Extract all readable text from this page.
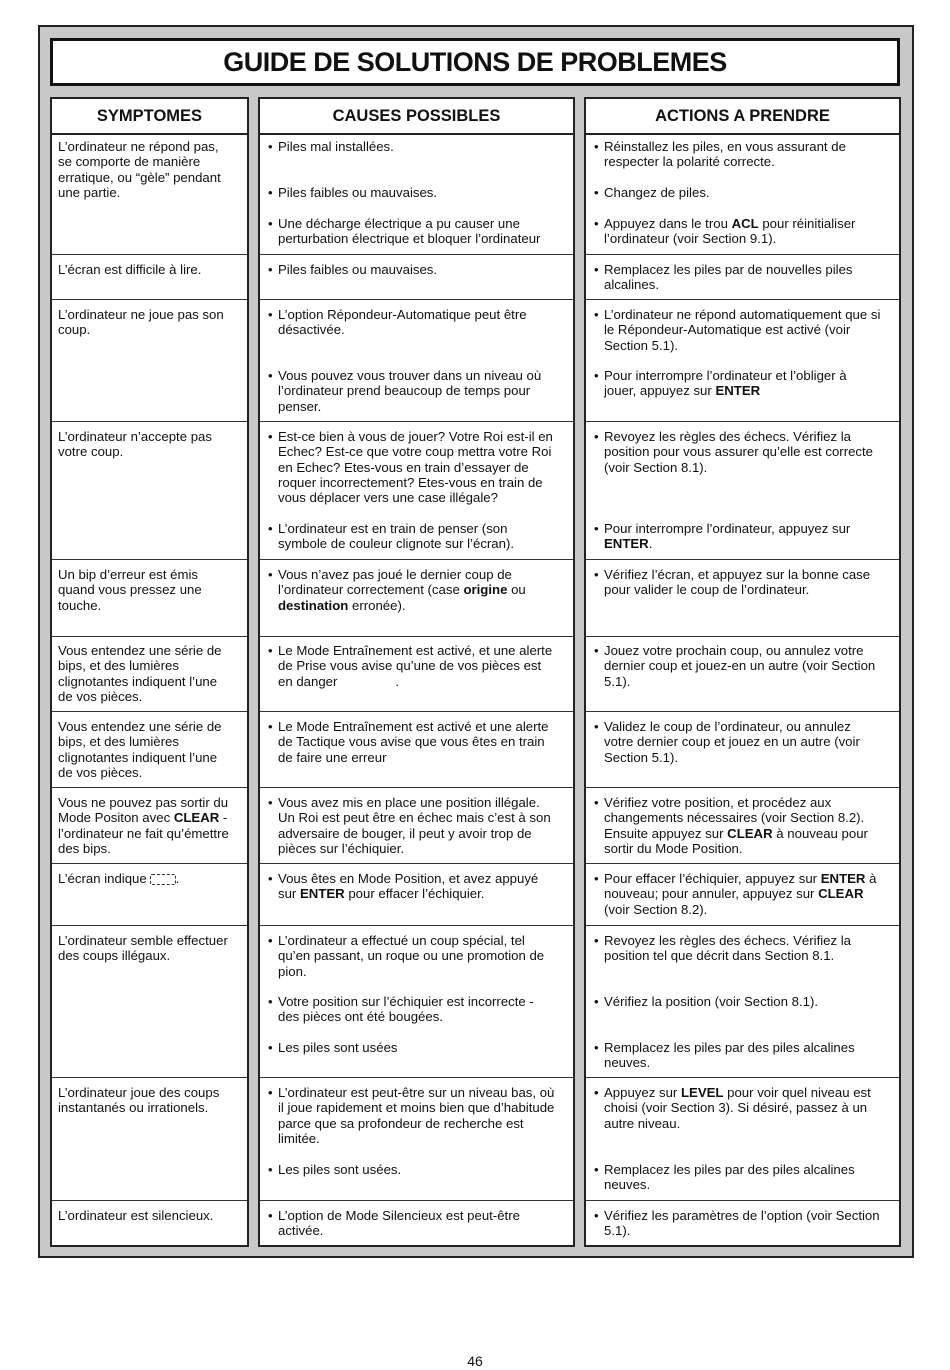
GUIDE DE SOLUTIONS DE PROBLEMES
SYMPTOMES
L’ordinateur ne répond pas,
se comporte de manière
erratique, ou “gèle” pendant
une partie.
L’écran est difficile à lire.
L’ordinateur ne joue pas son
coup.
L’ordinateur n’accepte pas
votre coup.
Un bip d’erreur est émis
quand vous pressez une
touche.
Vous entendez une série de
bips, et des lumières
clignotantes indiquent l’une
de vos pièces.
Vous entendez une série de
bips, et des lumières
clignotantes indiquent l’une
de vos pièces.
Vous ne pouvez pas sortir du
Mode Positon avec CLEAR -
l’ordinateur ne fait qu’émettre
des bips.
L’écran indique .
L’ordinateur semble effectuer
des coups illégaux.
L’ordinateur joue des coups
instantanés ou irrationels.
L’ordinateur est silencieux.
CAUSES POSSIBLES
• Piles mal installées.
• Piles faibles ou mauvaises.
• Une décharge électrique a pu causer une
perturbation électrique et bloquer l’ordinateur
• Piles faibles ou mauvaises.
• L’option Répondeur-Automatique peut être
désactivée.
• Vous pouvez vous trouver dans un niveau où
l’ordinateur prend beaucoup de temps pour
penser.
• Est-ce bien à vous de jouer? Votre Roi est-il en
Echec? Est-ce que votre coup mettra votre Roi
en Echec? Etes-vous en train d’essayer de
roquer incorrectement? Etes-vous en train de
vous déplacer vers une case illégale?
• L’ordinateur est en train de penser (son
symbole de couleur clignote sur l’écran).
• Vous n’avez pas joué le dernier coup de
l’ordinateur correctement (case origine ou
destination erronée).
• Le Mode Entraînement est activé, et une alerte
de Prise vous avise qu’une de vos pièces est
en danger	.
• Le Mode Entraînement est activé et une alerte
de Tactique vous avise que vous êtes en train
de faire une erreur
• Vous avez mis en place une position illégale.
Un Roi est peut être en échec mais c’est à son
adversaire de bouger, il peut y avoir trop de
pièces sur l’échiquier.
• Vous êtes en Mode Position, et avez appuyé
sur ENTER pour effacer l’échiquier.
• L’ordinateur a effectué un coup spécial, tel
qu’en passant, un roque ou une promotion de
pion.
• Votre position sur l’échiquier est incorrecte -
des pièces ont été bougées.
• Les piles sont usées
• L’ordinateur est peut-être sur un niveau bas, où
il joue rapidement et moins bien que d’habitude
parce que sa profondeur de recherche est
limitée.
• Les piles sont usées.
• L’option de Mode Silencieux est peut-être
activée.
ACTIONS A PRENDRE
• Réinstallez les piles, en vous assurant de
respecter la polarité correcte.
• Changez de piles.
• Appuyez dans le trou ACL pour réinitialiser
l’ordinateur (voir Section 9.1).
• Remplacez les piles par de nouvelles piles
alcalines.
• L’ordinateur ne répond automatiquement que si
le Répondeur-Automatique est activé (voir
Section 5.1).
• Pour interrompre l’ordinateur et l’obliger à
jouer, appuyez sur ENTER
• Revoyez les règles des échecs. Vérifiez la
position pour vous assurer qu’elle est correcte
(voir Section 8.1).
• Pour interrompre l’ordinateur, appuyez sur
ENTER.
• Vérifiez l’écran, et appuyez sur la bonne case
pour valider le coup de l’ordinateur.
• Jouez votre prochain coup, ou annulez votre
dernier coup et jouez-en un autre (voir Section
5.1).
• Validez le coup de l’ordinateur, ou annulez
votre dernier coup et jouez en un autre (voir
Section 5.1).
• Vérifiez votre position, et procédez aux
changements nécessaires (voir Section 8.2).
Ensuite appuyez sur CLEAR à nouveau pour
sortir du Mode Position.
• Pour effacer l’échiquier, appuyez sur ENTER à
nouveau; pour annuler, appuyez sur CLEAR
(voir Section 8.2).
• Revoyez les règles des échecs. Vérifiez la
position tel que décrit dans Section 8.1.
• Vérifiez la position (voir Section 8.1).
• Remplacez les piles par des piles alcalines
neuves.
• Appuyez sur LEVEL pour voir quel niveau est
choisi (voir Section 3). Si désiré, passez à un
autre niveau.
• Remplacez les piles par des piles alcalines
neuves.
• Vérifiez les paramètres de l’option (voir Section
5.1).
46
